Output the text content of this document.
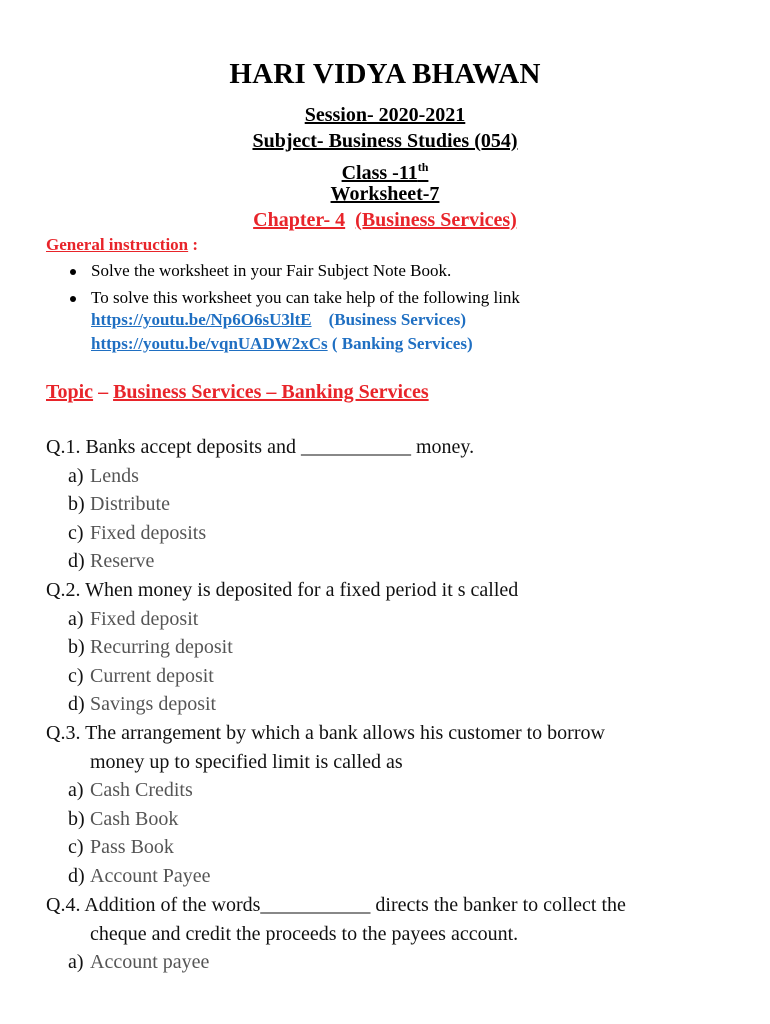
HARI VIDYA BHAWAN
Session- 2020-2021
Subject- Business Studies (054)
Class -11th
Worksheet-7
Chapter- 4 (Business Services)
General instruction :
Solve the worksheet in your Fair Subject Note Book.
To solve this worksheet you can take help of the following link
https://youtu.be/Np6O6sU3ltE (Business Services)
https://youtu.be/vqnUADW2xCs ( Banking Services)
Topic – Business Services – Banking Services
Q.1. Banks accept deposits and ___________ money.
a) Lends
b) Distribute
c) Fixed deposits
d) Reserve
Q.2. When money is deposited for a fixed period it s called
a) Fixed deposit
b) Recurring deposit
c) Current deposit
d) Savings deposit
Q.3. The arrangement by which a bank allows his customer to borrow
money up to specified limit is called as
a) Cash Credits
b) Cash Book
c) Pass Book
d) Account Payee
Q.4. Addition of the words___________ directs the banker to collect the
cheque and credit the proceeds to the payees account.
a) Account payee
